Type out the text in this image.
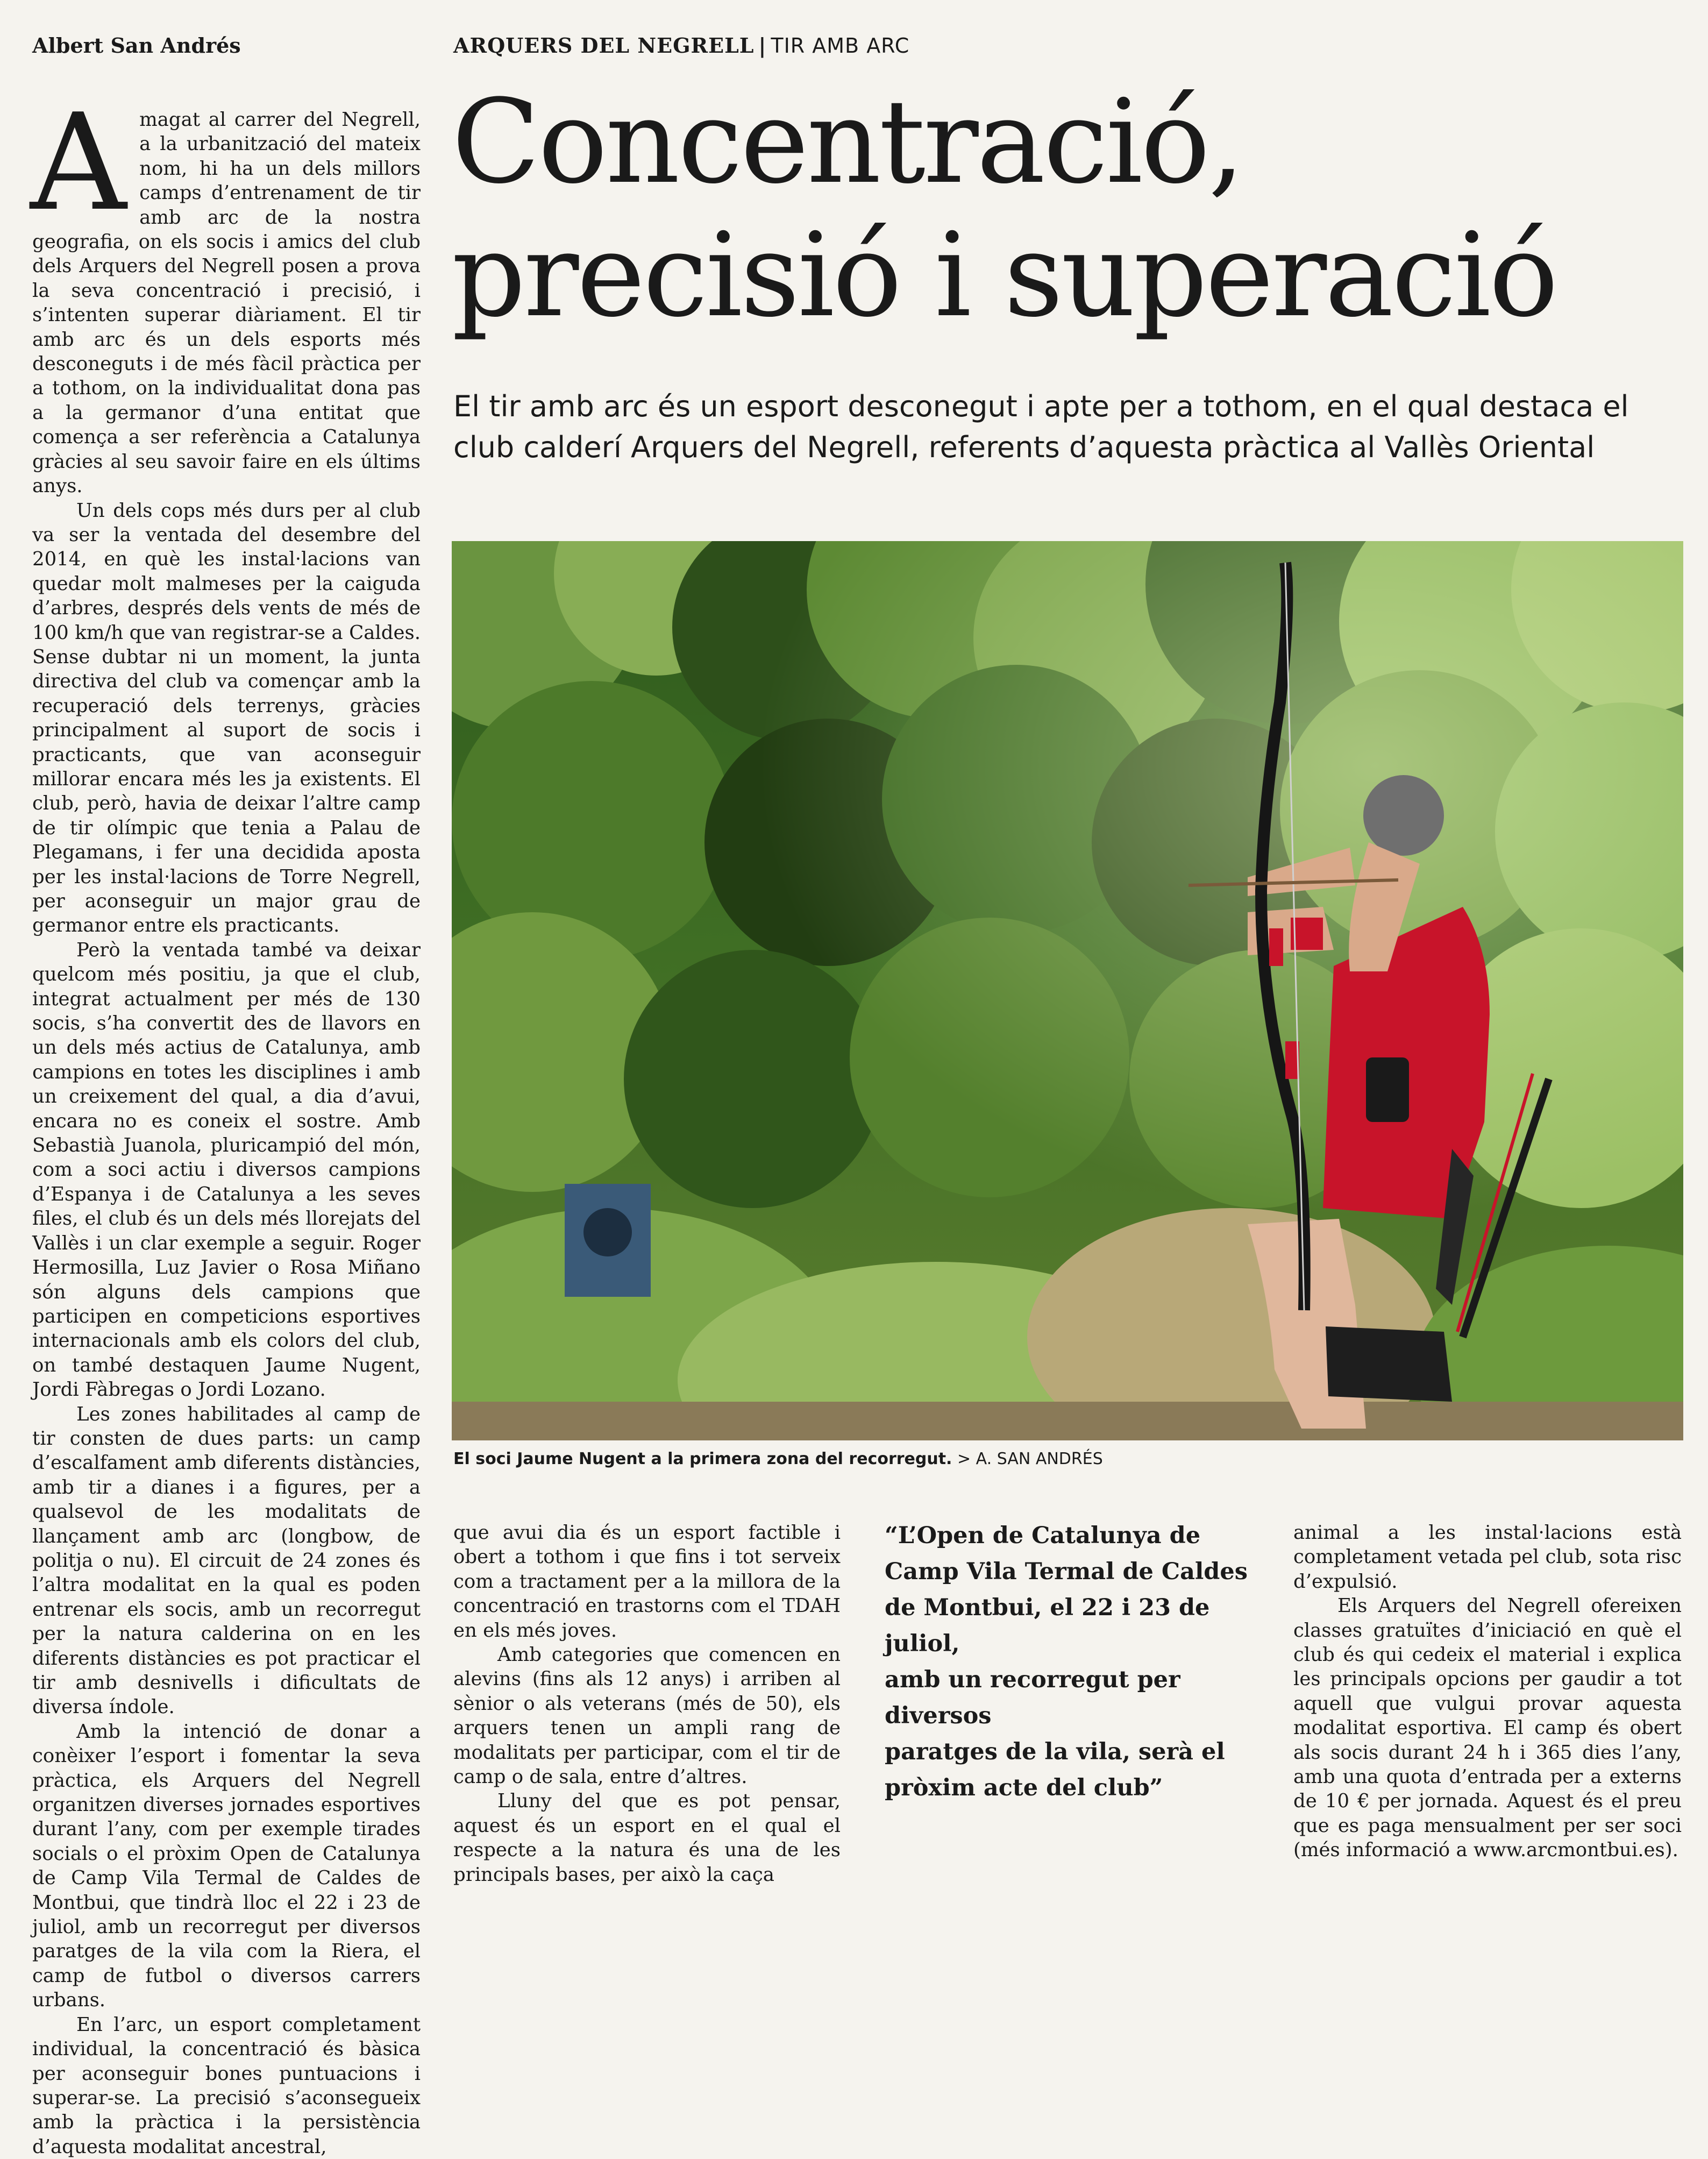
Albert San Andrés	ARQUERS DEL NEGRELL | TIR AMB ARC
Concentració,
precisió i superació
El tir amb arc és un esport desconegut i apte per a tothom, en el qual destaca el
club calderí Arquers del Negrell, referents d’aquesta pràctica al Vallès Oriental

Amagat al carrer del Negrell, a la urbanització del mateix nom, hi ha un dels millors camps d’entrenament de tir amb arc de la nostra geografia, on els socis i amics del club dels Arquers del Negrell posen a prova la seva concentració i precisió, i s’intenten superar diàriament. El tir amb arc és un dels esports més desconeguts i de més fàcil pràctica per a tothom, on la individualitat dona pas a la germanor d’una entitat que comença a ser referència a Catalunya gràcies al seu savoir faire en els últims anys.

Un dels cops més durs per al club va ser la ventada del desembre del 2014, en què les instal·lacions van quedar molt malmeses per la caiguda d’arbres, després dels vents de més de 100 km/h que van registrar-se a Caldes. Sense dubtar ni un moment, la junta directiva del club va començar amb la recuperació dels terrenys, gràcies principalment al suport de socis i practicants, que van aconseguir millorar encara més les ja existents. El club, però, havia de deixar l’altre camp de tir olímpic que tenia a Palau de Plegamans, i fer una decidida aposta per les instal·lacions de Torre Negrell, per aconseguir un major grau de germanor entre els practicants.

Però la ventada també va deixar quelcom més positiu, ja que el club, integrat actualment per més de 130 socis, s’ha convertit des de llavors en un dels més actius de Catalunya, amb campions en totes les disciplines i amb un creixement del qual, a dia d’avui, encara no es coneix el sostre. Amb Sebastià Juanola, pluricampió del món, com a soci actiu i diversos campions d’Espanya i de Catalunya a les seves files, el club és un dels més llorejats del Vallès i un clar exemple a seguir. Roger Hermosilla, Luz Javier o Rosa Miñano són alguns dels campions que participen en competicions esportives internacionals amb els colors del club, on també destaquen Jaume Nugent, Jordi Fàbregas o Jordi Lozano.

Les zones habilitades al camp de tir consten de dues parts: un camp d’escalfament amb diferents distàncies, amb tir a dianes i a figures, per a qualsevol de les modalitats de llançament amb arc (longbow, de politja o nu). El circuit de 24 zones és l’altra modalitat en la qual es poden entrenar els socis, amb un recorregut per la natura calderina on en les diferents distàncies es pot practicar el tir amb desnivells i dificultats de diversa índole.

Amb la intenció de donar a conèixer l’esport i fomentar la seva pràctica, els Arquers del Negrell organitzen diverses jornades esportives durant l’any, com per exemple tirades socials o el pròxim Open de Catalunya de Camp Vila Termal de Caldes de Montbui, que tindrà lloc el 22 i 23 de juliol, amb un recorregut per diversos paratges de la vila com la Riera, el camp de futbol o diversos carrers urbans.

En l’arc, un esport completament individual, la concentració és bàsica per aconseguir bones puntuacions i superar-se. La precisió s’aconsegueix amb la pràctica i la persistència d’aquesta modalitat ancestral,

El soci Jaume Nugent a la primera zona del recorregut. > A. SAN ANDRÉS

que avui dia és un esport factible i obert a tothom i que fins i tot serveix com a tractament per a la millora de la concentració en trastorns com el TDAH en els més joves.

Amb categories que comencen en alevins (fins als 12 anys) i arriben al sènior o als veterans (més de 50), els arquers tenen un ampli rang de modalitats per participar, com el tir de camp o de sala, entre d’altres.

Lluny del que es pot pensar, aquest és un esport en el qual el respecte a la natura és una de les principals bases, per això la caça

“L’Open de Catalunya de
Camp Vila Termal de Caldes
de Montbui, el 22 i 23 de juliol,
amb un recorregut per diversos
paratges de la vila, serà el
pròxim acte del club”

animal a les instal·lacions està completament vetada pel club, sota risc d’expulsió.

Els Arquers del Negrell ofereixen classes gratuïtes d’iniciació en què el club és qui cedeix el material i explica les principals opcions per gaudir a tot aquell que vulgui provar aquesta modalitat esportiva. El camp és obert als socis durant 24 h i 365 dies l’any, amb una quota d’entrada per a externs de 10 € per jornada. Aquest és el preu que es paga mensualment per ser soci (més informació a www.arcmontbui.es).
